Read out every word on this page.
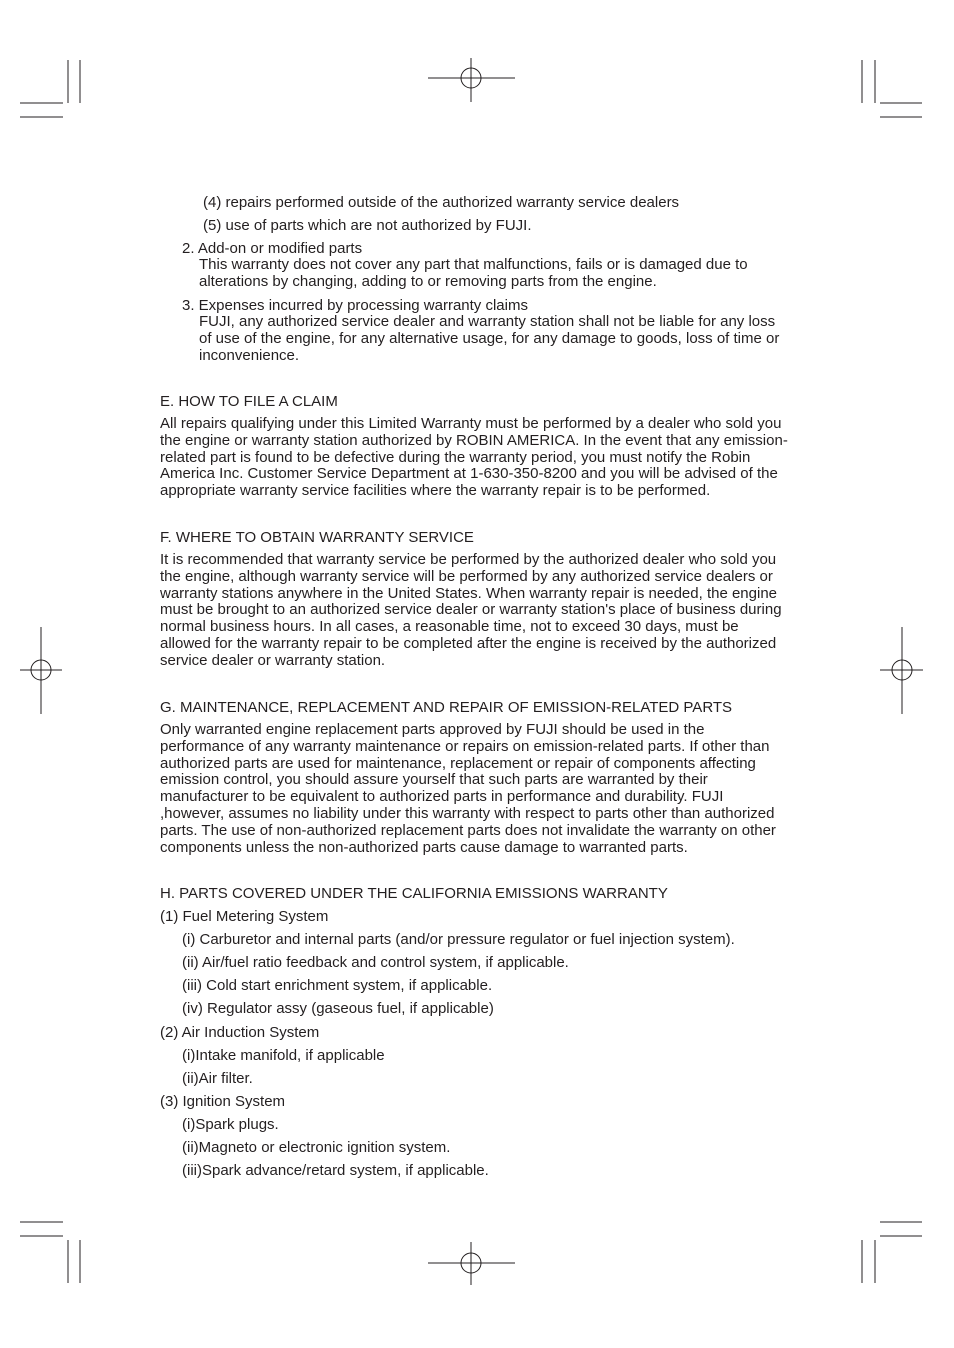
(4) repairs performed outside of the authorized warranty service dealers
(5) use of parts which are not authorized by FUJI.
2. Add-on or modified parts
This warranty does not cover any part that malfunctions, fails or is damaged due to
alterations by changing, adding to or removing parts from the engine.
3. Expenses incurred by processing warranty claims
FUJI, any authorized service dealer and warranty station shall not be liable for any loss
of use of the engine, for any alternative usage, for any damage to goods, loss of time or
inconvenience.
E. HOW TO FILE A CLAIM
All repairs qualifying under this Limited Warranty must be performed by a dealer who sold you
the engine or warranty station authorized by ROBIN AMERICA. In the event that any emission-
related part is found to be defective during the warranty period, you must notify the Robin
America Inc. Customer Service Department at 1-630-350-8200 and you will be advised of the
appropriate warranty service facilities where the warranty repair is to be performed.
F. WHERE TO OBTAIN WARRANTY SERVICE
It is recommended that warranty service be performed by the authorized dealer who sold you
the engine, although warranty service will be performed by any authorized service dealers or
warranty stations anywhere in the United States. When warranty repair is needed, the engine
must be brought to an authorized service dealer or warranty station's place of business during
normal business hours. In all cases, a reasonable time, not to exceed 30 days, must be
allowed for the warranty repair to be completed after the engine is received by the authorized
service dealer or warranty station.
G. MAINTENANCE, REPLACEMENT AND REPAIR OF EMISSION-RELATED PARTS
Only warranted engine replacement parts approved by FUJI should be used in the
performance of any warranty maintenance or repairs on emission-related parts. If other than
authorized parts are used for maintenance, replacement or repair of components affecting
emission control, you should assure yourself that such parts are warranted by their
manufacturer to be equivalent to authorized parts in performance and durability. FUJI
,however, assumes no liability under this warranty with respect to parts other than authorized
parts. The use of non-authorized replacement parts does not invalidate the warranty on other
components unless the non-authorized parts cause damage to warranted parts.
H. PARTS COVERED UNDER THE CALIFORNIA EMISSIONS WARRANTY
(1) Fuel Metering System
(i) Carburetor and internal parts (and/or pressure regulator or fuel injection system).
(ii) Air/fuel ratio feedback and control system, if applicable.
(iii) Cold start enrichment system, if applicable.
(iv) Regulator assy (gaseous fuel, if applicable)
(2) Air Induction System
(i)Intake manifold, if applicable
(ii)Air filter.
(3) Ignition System
(i)Spark plugs.
(ii)Magneto or electronic ignition system.
(iii)Spark advance/retard system, if applicable.
